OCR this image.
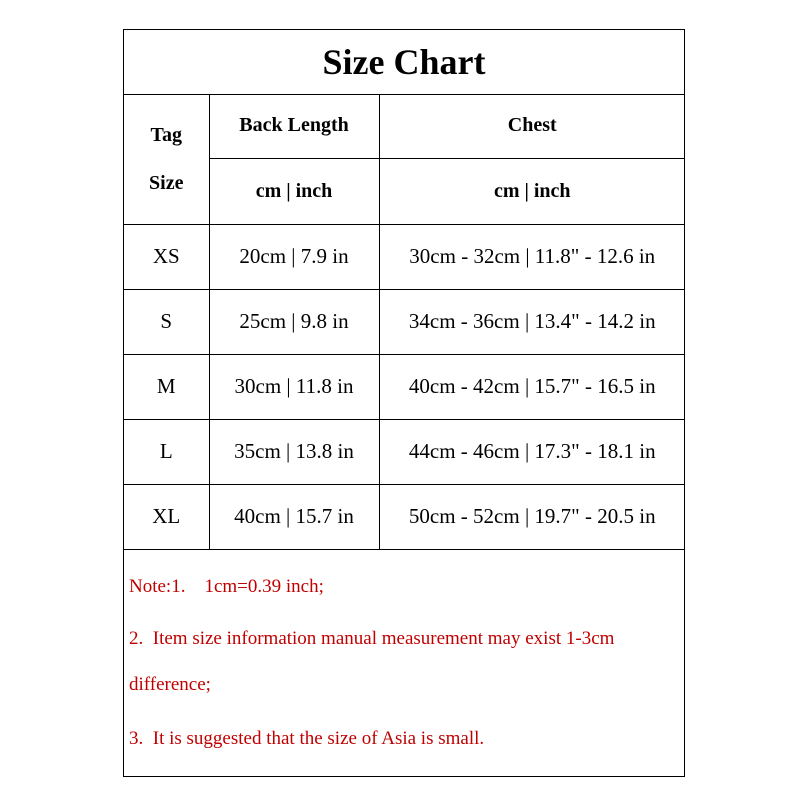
Size Chart
Tag
Size	Back Length	Chest
	cm | inch	cm | inch
XS	20cm | 7.9 in	30cm - 32cm | 11.8" - 12.6 in
S	25cm | 9.8 in	34cm - 36cm | 13.4" - 14.2 in
M	30cm | 11.8 in	40cm - 42cm | 15.7" - 16.5 in
L	35cm | 13.8 in	44cm - 46cm | 17.3" - 18.1 in
XL	40cm | 15.7 in	50cm - 52cm | 19.7" - 20.5 in
Note:1.    1cm=0.39 inch;
2.  Item size information manual measurement may exist 1-3cm
difference;
3.  It is suggested that the size of Asia is small.
